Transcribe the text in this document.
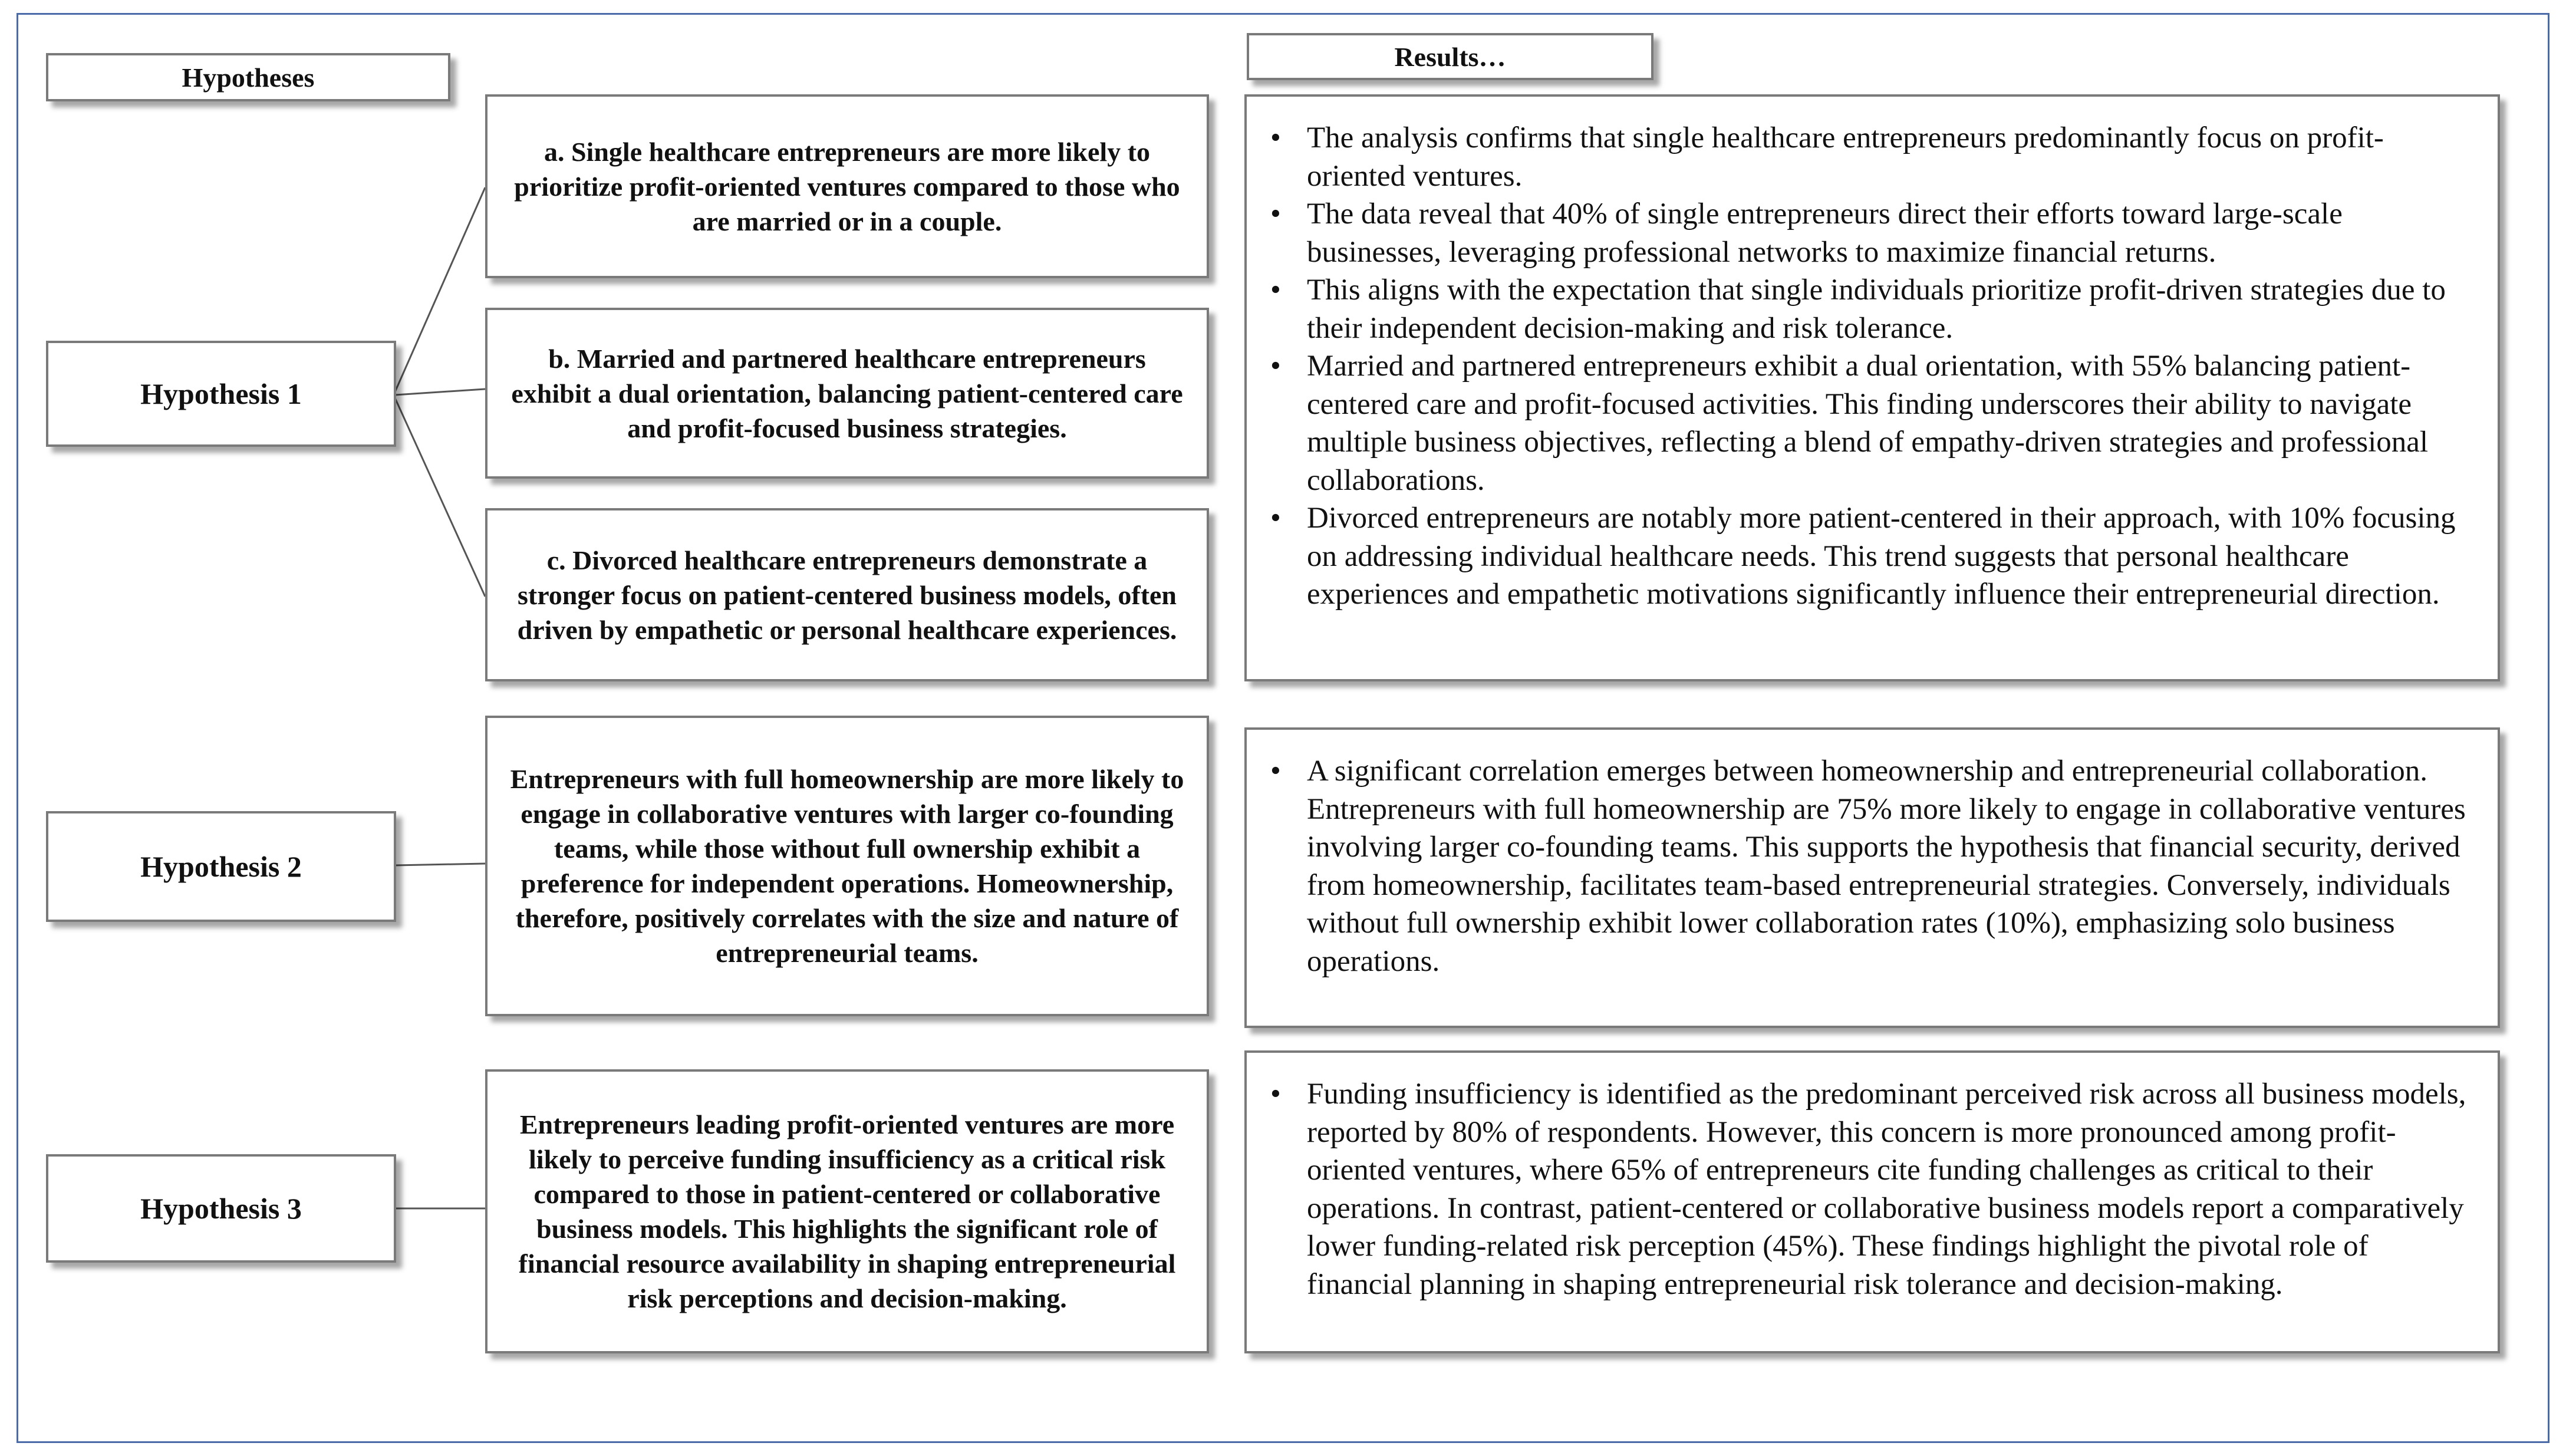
Hypotheses
Results…
Hypothesis 1
a. Single healthcare entrepreneurs are more likely to prioritize profit-oriented ventures compared to those who are married or in a couple.
b. Married and partnered healthcare entrepreneurs exhibit a dual orientation, balancing patient-centered care and profit-focused business strategies.
c. Divorced healthcare entrepreneurs demonstrate a stronger focus on patient-centered business models, often driven by empathetic or personal healthcare experiences.
• The analysis confirms that single healthcare entrepreneurs predominantly focus on profit-oriented ventures.
• The data reveal that 40% of single entrepreneurs direct their efforts toward large-scale businesses, leveraging professional networks to maximize financial returns.
• This aligns with the expectation that single individuals prioritize profit-driven strategies due to their independent decision-making and risk tolerance.
• Married and partnered entrepreneurs exhibit a dual orientation, with 55% balancing patient-centered care and profit-focused activities. This finding underscores their ability to navigate multiple business objectives, reflecting a blend of empathy-driven strategies and professional collaborations.
• Divorced entrepreneurs are notably more patient-centered in their approach, with 10% focusing on addressing individual healthcare needs. This trend suggests that personal healthcare experiences and empathetic motivations significantly influence their entrepreneurial direction.
Hypothesis 2
Entrepreneurs with full homeownership are more likely to engage in collaborative ventures with larger co-founding teams, while those without full ownership exhibit a preference for independent operations. Homeownership, therefore, positively correlates with the size and nature of entrepreneurial teams.
• A significant correlation emerges between homeownership and entrepreneurial collaboration. Entrepreneurs with full homeownership are 75% more likely to engage in collaborative ventures involving larger co-founding teams. This supports the hypothesis that financial security, derived from homeownership, facilitates team-based entrepreneurial strategies. Conversely, individuals without full ownership exhibit lower collaboration rates (10%), emphasizing solo business operations.
Hypothesis 3
Entrepreneurs leading profit-oriented ventures are more likely to perceive funding insufficiency as a critical risk compared to those in patient-centered or collaborative business models. This highlights the significant role of financial resource availability in shaping entrepreneurial risk perceptions and decision-making.
• Funding insufficiency is identified as the predominant perceived risk across all business models, reported by 80% of respondents. However, this concern is more pronounced among profit-oriented ventures, where 65% of entrepreneurs cite funding challenges as critical to their operations. In contrast, patient-centered or collaborative business models report a comparatively lower funding-related risk perception (45%). These findings highlight the pivotal role of financial planning in shaping entrepreneurial risk tolerance and decision-making.
